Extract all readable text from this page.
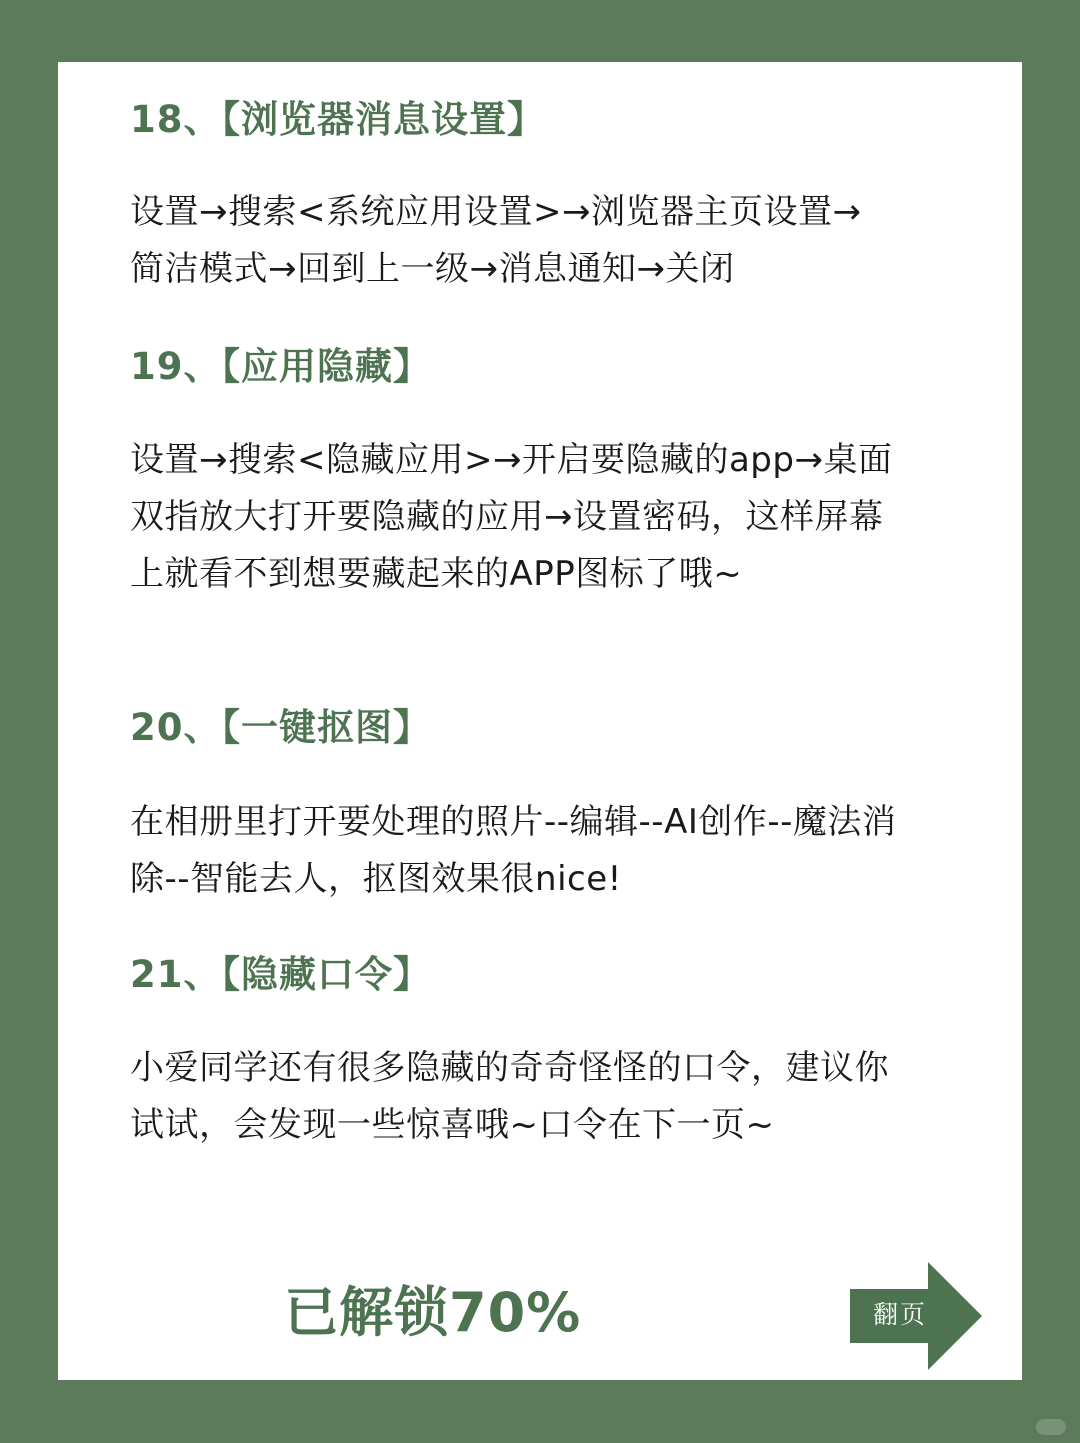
18、【浏览器消息设置】

设置→搜索<系统应用设置>→浏览器主页设置→
简洁模式→回到上一级→消息通知→关闭

19、【应用隐藏】

设置→搜索<隐藏应用>→开启要隐藏的app→桌面
双指放大打开要隐藏的应用→设置密码，这样屏幕
上就看不到想要藏起来的APP图标了哦~

20、【一键抠图】

在相册里打开要处理的照片--编辑--AI创作--魔法消
除--智能去人，抠图效果很nice!

21、【隐藏口令】

小爱同学还有很多隐藏的奇奇怪怪的口令，建议你
试试，会发现一些惊喜哦~口令在下一页~

已解锁70%	翻页
